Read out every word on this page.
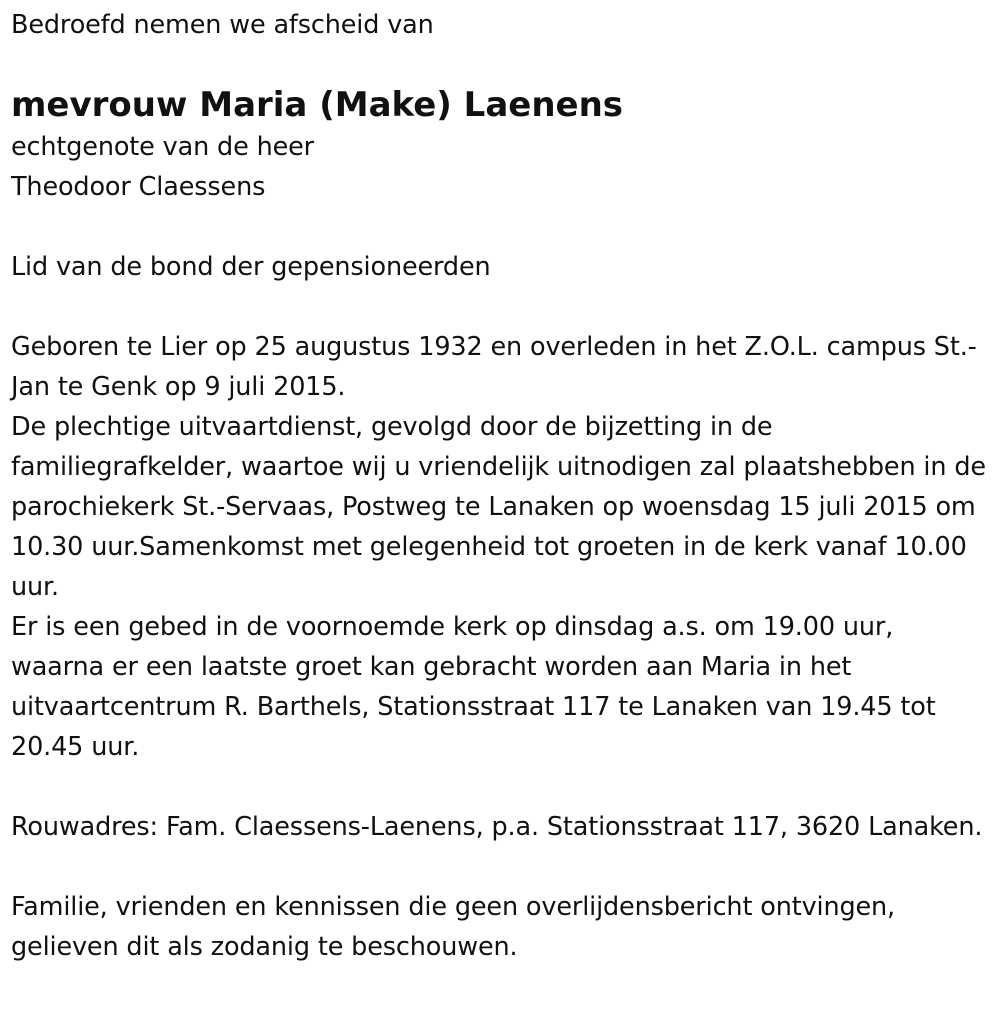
Bedroefd nemen we afscheid van

mevrouw Maria (Make) Laenens

echtgenote van de heer

Theodoor Claessens

Lid van de bond der gepensioneerden

Geboren te Lier op 25 augustus 1932 en overleden in het Z.O.L. campus St.-Jan te Genk op 9 juli 2015.

De plechtige uitvaartdienst, gevolgd door de bijzetting in de familiegrafkelder, waartoe wij u vriendelijk uitnodigen zal plaatshebben in de parochiekerk St.-Servaas, Postweg te Lanaken op woensdag 15 juli 2015 om 10.30 uur.Samenkomst met gelegenheid tot groeten in de kerk vanaf 10.00 uur.

Er is een gebed in de voornoemde kerk op dinsdag a.s. om 19.00 uur, waarna er een laatste groet kan gebracht worden aan Maria in het uitvaartcentrum R. Barthels, Stationsstraat 117 te Lanaken van 19.45 tot 20.45 uur.

Rouwadres: Fam. Claessens-Laenens, p.a. Stationsstraat 117, 3620 Lanaken.

Familie, vrienden en kennissen die geen overlijdensbericht ontvingen, gelieven dit als zodanig te beschouwen.
